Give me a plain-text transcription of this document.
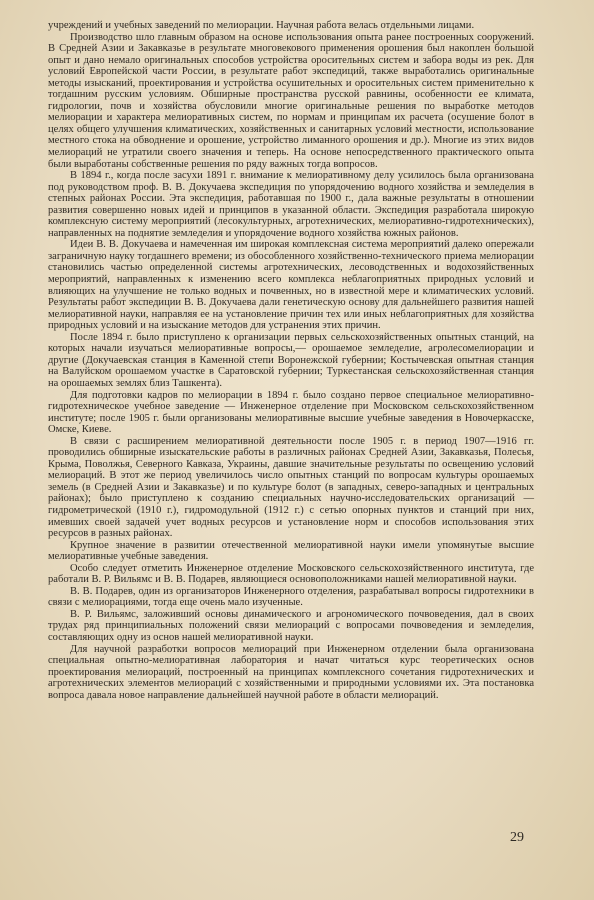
учреждений и учебных заведений по мелиорации. Научная работа велась отдельными лицами.

Производство шло главным образом на основе использования опыта ранее построенных сооружений. В Средней Азии и Закавказье в результате многовекового применения орошения был накоплен большой опыт и дано немало оригинальных способов устройства оросительных систем и забора воды из рек. Для условий Европейской части России, в результате работ экспедиций, также выработались оригинальные методы изысканий, проектирования и устройства осушительных и оросительных систем применительно к тогдашним русским условиям. Обширные пространства русской равнины, особенности ее климата, гидрологии, почв и хозяйства обусловили многие оригинальные решения по выработке методов мелиорации и характера мелиоративных систем, по нормам и принципам их расчета (осушение болот в целях общего улучшения климатических, хозяйственных и санитарных условий местности, использование местного стока на обводнение и орошение, устройство лиманного орошения и др.). Многие из этих видов мелиораций не утратили своего значения и теперь. На основе непосредственного практического опыта были выработаны собственные решения по ряду важных тогда вопросов.

В 1894 г., когда после засухи 1891 г. внимание к мелиоративному делу усилилось была организована под руководством проф. В. В. Докучаева экспедиция по упорядочению водного хозяйства и земледелия в степных районах России. Эта экспедиция, работавшая по 1900 г., дала важные результаты в отношении развития совершенно новых идей и принципов в указанной области. Экспедиция разработала широкую комплексную систему мероприятий (лесокультурных, агротехнических, мелиоративно-гидротехнических), направленных на поднятие земледелия и упорядочение водного хозяйства южных районов.

Идеи В. В. Докучаева и намеченная им широкая комплексная система мероприятий далеко опережали заграничную науку тогдашнего времени; из обособленного хозяйственно-технического приема мелиорации становились частью определенной системы агротехнических, лесоводственных и водохозяйственных мероприятий, направленных к изменению всего комплекса неблагоприятных природных условий и влияющих на улучшение не только водных и почвенных, но в известной мере и климатических условий. Результаты работ экспедиции В. В. Докучаева дали генетическую основу для дальнейшего развития нашей мелиоративной науки, направляя ее на установление причин тех или иных неблагоприятных для хозяйства природных условий и на изыскание методов для устранения этих причин.

После 1894 г. было приступлено к организации первых сельскохозяйственных опытных станций, на которых начали изучаться мелиоративные вопросы,— орошаемое земледелие, агролесомелиорации и другие (Докучаевская станция в Каменной степи Воронежской губернии; Костычевская опытная станция на Валуйском орошаемом участке в Саратовской губернии; Туркестанская сельскохозяйственная станция на орошаемых землях близ Ташкента).

Для подготовки кадров по мелиорации в 1894 г. было создано первое специальное мелиоративно-гидротехническое учебное заведение — Инженерное отделение при Московском сельскохозяйственном институте; после 1905 г. были организованы мелиоративные высшие учебные заведения в Новочеркасске, Омске, Киеве.

В связи с расширением мелиоративной деятельности после 1905 г. в период 1907—1916 гг. проводились обширные изыскательские работы в различных районах Средней Азии, Закавказья, Полесья, Крыма, Поволжья, Северного Кавказа, Украины, давшие значительные результаты по освещению условий мелиораций. В этот же период увеличилось число опытных станций по вопросам культуры орошаемых земель (в Средней Азии и Закавказье) и по культуре болот (в западных, северо-западных и центральных районах); было приступлено к созданию специальных научно-исследовательских организаций — гидрометрической (1910 г.), гидромодульной (1912 г.) с сетью опорных пунктов и станций при них, имевших своей задачей учет водных ресурсов и установление норм и способов использования этих ресурсов в разных районах.

Крупное значение в развитии отечественной мелиоративной науки имели упомянутые высшие мелиоративные учебные заведения.

Особо следует отметить Инженерное отделение Московского сельскохозяйственного института, где работали В. Р. Вильямс и В. В. Подарев, являющиеся основоположниками нашей мелиоративной науки.

В. В. Подарев, один из организаторов Инженерного отделения, разрабатывал вопросы гидротехники в связи с мелиорациями, тогда еще очень мало изученные.

В. Р. Вильямс, заложивший основы динамического и агрономического почвоведения, дал в своих трудах ряд принципиальных положений связи мелиораций с вопросами почвоведения и земледелия, составляющих одну из основ нашей мелиоративной науки.

Для научной разработки вопросов мелиораций при Инженерном отделении была организована специальная опытно-мелиоративная лаборатория и начат читаться курс теоретических основ проектирования мелиораций, построенный на принципах комплексного сочетания гидротехнических и агротехнических элементов мелиораций с хозяйственными и природными условиями их. Эта постановка вопроса давала новое направление дальнейшей научной работе в области мелиораций.

29
